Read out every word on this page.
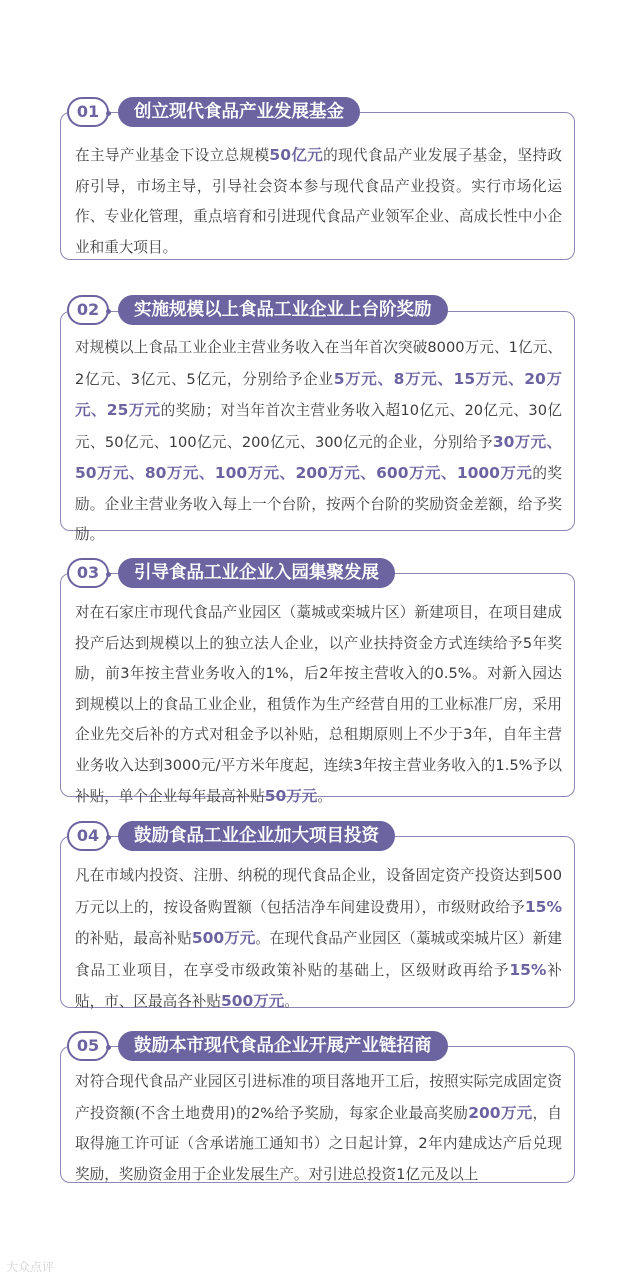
在主导产业基金下设立总规模50亿元的现代食品产业发展子基金，坚持政府引导，市场主导，引导社会资本参与现代食品产业投资。实行市场化运作、专业化管理，重点培育和引进现代食品产业领军企业、高成长性中小企业和重大项目。

01	创立现代食品产业发展基金

对规模以上食品工业企业主营业务收入在当年首次突破8000万元、1亿元、2亿元、3亿元、5亿元，分别给予企业5万元、8万元、15万元、20万元、25万元的奖励；对当年首次主营业务收入超10亿元、20亿元、30亿元、50亿元、100亿元、200亿元、300亿元的企业，分别给予30万元、50万元、80万元、100万元、200万元、600万元、1000万元的奖励。企业主营业务收入每上一个台阶，按两个台阶的奖励资金差额，给予奖励。

02	实施规模以上食品工业企业上台阶奖励

对在石家庄市现代食品产业园区（藁城或栾城片区）新建项目，在项目建成投产后达到规模以上的独立法人企业，以产业扶持资金方式连续给予5年奖励，前3年按主营业务收入的1%，后2年按主营收入的0.5%。对新入园达到规模以上的食品工业企业，租赁作为生产经营自用的工业标准厂房，采用企业先交后补的方式对租金予以补贴，总租期原则上不少于3年，自年主营业务收入达到3000元/平方米年度起，连续3年按主营业务收入的1.5%予以补贴，单个企业每年最高补贴50万元。

03	引导食品工业企业入园集聚发展

凡在市域内投资、注册、纳税的现代食品企业，设备固定资产投资达到500万元以上的，按设备购置额（包括洁净车间建设费用），市级财政给予15%的补贴，最高补贴500万元。在现代食品产业园区（藁城或栾城片区）新建食品工业项目，在享受市级政策补贴的基础上，区级财政再给予15%补贴，市、区最高各补贴500万元。

04	鼓励食品工业企业加大项目投资

对符合现代食品产业园区引进标准的项目落地开工后，按照实际完成固定资产投资额(不含土地费用)的2%给予奖励，每家企业最高奖励200万元，自取得施工许可证（含承诺施工通知书）之日起计算，2年内建成达产后兑现奖励，奖励资金用于企业发展生产。对引进总投资1亿元及以上

05	鼓励本市现代食品企业开展产业链招商
大众点评
